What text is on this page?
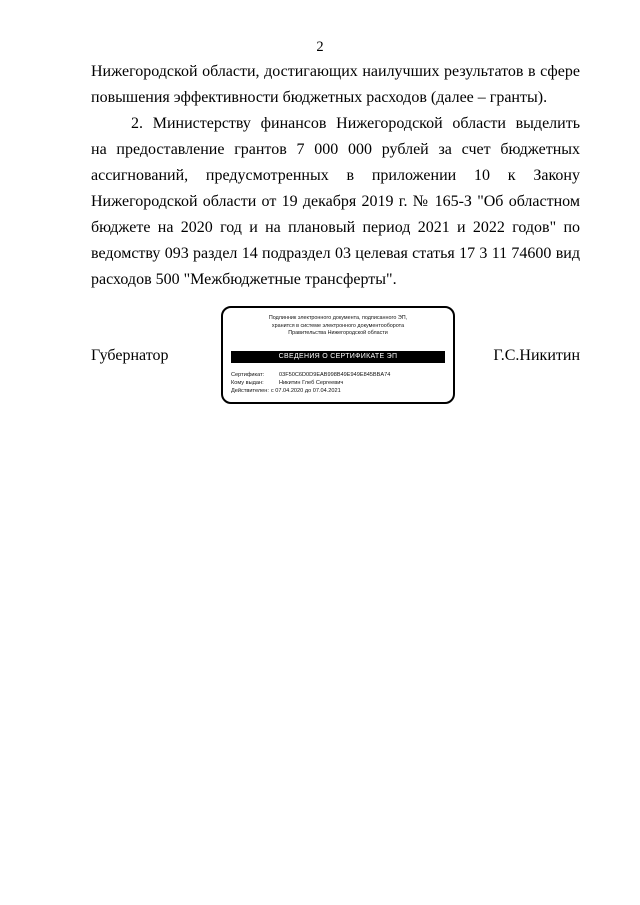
2
Нижегородской области, достигающих наилучших результатов в сфере
повышения эффективности бюджетных расходов (далее – гранты).
2. Министерству финансов Нижегородской области выделить
на предоставление грантов 7 000 000 рублей за счет бюджетных
ассигнований, предусмотренных в приложении 10 к Закону
Нижегородской области от 19 декабря 2019 г. № 165-З "Об областном
бюджете на 2020 год и на плановый период 2021 и 2022 годов" по
ведомству 093 раздел 14 подраздел 03 целевая статья 17 3 11 74600 вид
расходов 500 "Межбюджетные трансферты".
Губернатор
Подлинник электронного документа, подписанного ЭП,
хранится в системе электронного документооборота
Правительства Нижегородской области
СВЕДЕНИЯ О СЕРТИФИКАТЕ ЭП
Сертификат:	03F50C6D0D9EAB998B49E949E845BBA74
Кому выдан:	Никитин Глеб Сергеевич
Действителен: с 07.04.2020 до 07.04.2021
Г.С.Никитин
